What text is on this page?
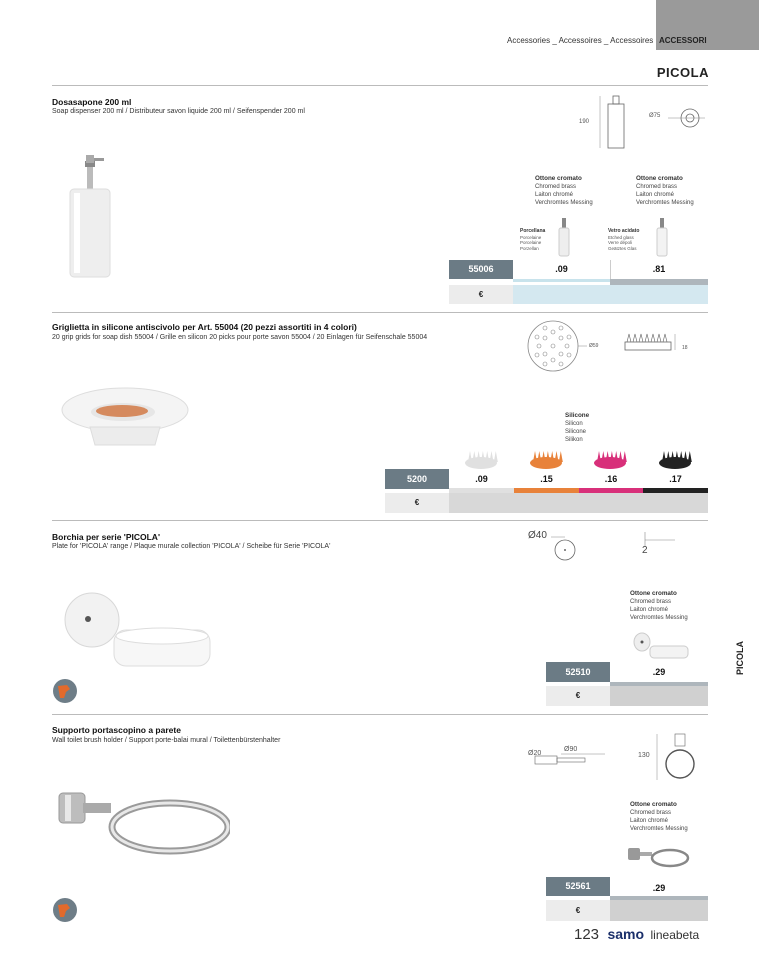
Accessories _ Accessoires _ Accessoires ACCESSORI
PICOLA
Dosasapone 200 ml
Soap dispenser 200 ml / Distributeur savon liquide 200 ml / Seifenspender 200 ml
190
Ø75
Ottone cromato
Chromed brass
Laiton chromé
Verchromtes Messing
Ottone cromato
Chromed brass
Laiton chromé
Verchromtes Messing
Porcellana
Porcelaine
Porcelaine
Porzellan
Vetro acidato
Etched glass
Verre dépoli
Geätztes Glas
55006	.09	.81
€
Griglietta in silicone antiscivolo per Art. 55004 (20 pezzi assortiti in 4 colori)
20 grip grids for soap dish 55004 / Grille en silicon 20 picks pour porte savon 55004 / 20 Einlagen für Seifenschale 55004
Ø59	18
Silicone
Silicon
Silicone
Silikon
5200	.09	.15	.16	.17
€
Borchia per serie 'PICOLA'
Plate for 'PICOLA' range / Plaque murale collection 'PICOLA' / Scheibe für Serie 'PICOLA'
Ø40
2
Ottone cromato
Chromed brass
Laiton chromé
Verchromtes Messing
52510	.29
€
PICOLA
Supporto portascopino a parete
Wall toilet brush holder / Support porte-balai mural / Toilettenbürstenhalter
Ø20
Ø90
130
Ottone cromato
Chromed brass
Laiton chromé
Verchromtes Messing
52561	.29
€
123 samo lineabeta
